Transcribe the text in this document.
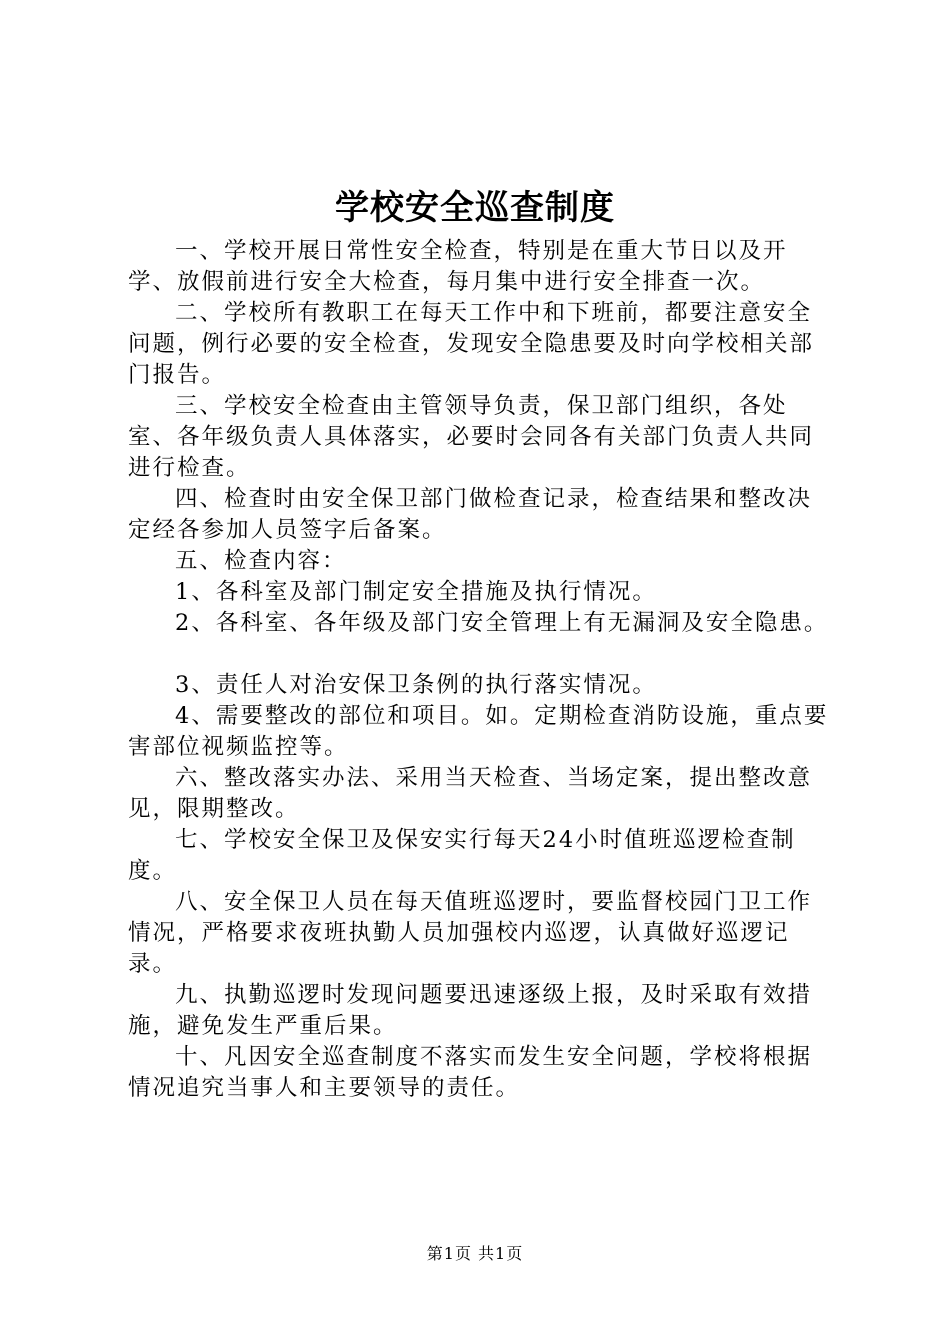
学校安全巡查制度

一、学校开展日常性安全检查，特别是在重大节日以及开学、放假前进行安全大检查，每月集中进行安全排查一次。

二、学校所有教职工在每天工作中和下班前，都要注意安全问题，例行必要的安全检查，发现安全隐患要及时向学校相关部门报告。

三、学校安全检查由主管领导负责，保卫部门组织，各处室、各年级负责人具体落实，必要时会同各有关部门负责人共同进行检查。

四、检查时由安全保卫部门做检查记录，检查结果和整改决定经各参加人员签字后备案。

五、检查内容：

1、各科室及部门制定安全措施及执行情况。

2、各科室、各年级及部门安全管理上有无漏洞及安全隐患。

3、责任人对治安保卫条例的执行落实情况。

4、需要整改的部位和项目。如。定期检查消防设施，重点要害部位视频监控等。

六、整改落实办法、采用当天检查、当场定案，提出整改意见，限期整改。

七、学校安全保卫及保安实行每天24小时值班巡逻检查制度。

八、安全保卫人员在每天值班巡逻时，要监督校园门卫工作情况，严格要求夜班执勤人员加强校内巡逻，认真做好巡逻记录。

九、执勤巡逻时发现问题要迅速逐级上报，及时采取有效措施，避免发生严重后果。

十、凡因安全巡查制度不落实而发生安全问题，学校将根据情况追究当事人和主要领导的责任。

第1页 共1页
